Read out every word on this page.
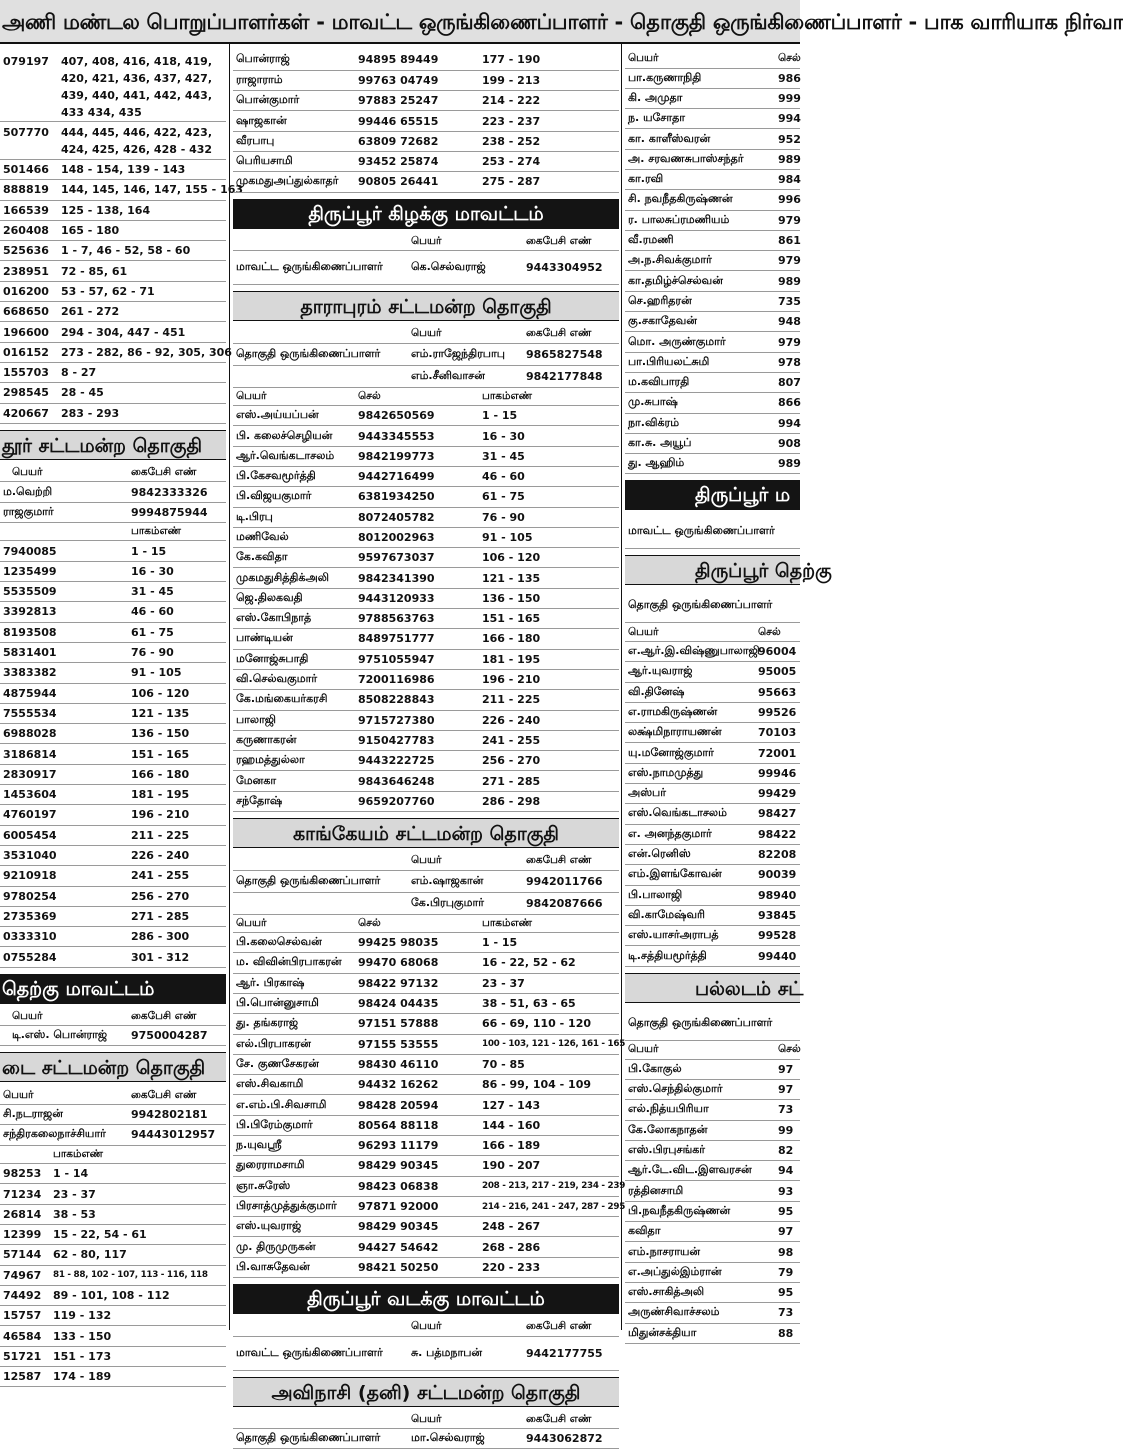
அணி மண்டல பொறுப்பாளர்கள் - மாவட்ட ஒருங்கிணைப்பாளர் - தொகுதி ஒருங்கிணைப்பாளர் - பாக வாரியாக நிர்வா
079197	407, 408, 416, 418, 419, 420, 421, 436, 437, 427, 439, 440, 441, 442, 443, 433 434, 435
507770	444, 445, 446, 422, 423, 424, 425, 426, 428 - 432
501466	148 - 154, 139 - 143
888819	144, 145, 146, 147, 155 - 163
166539	125 - 138, 164
260408	165 - 180
525636	1 - 7, 46 - 52, 58 - 60
238951	72 - 85, 61
016200	53 - 57, 62 - 71
668650	261 - 272
196600	294 - 304, 447 - 451
016152	273 - 282, 86 - 92, 305, 306
155703	8 - 27
298545	28 - 45
420667	283 - 293
தூர் சட்டமன்ற தொகுதி
பெயர்	கைபேசி எண்
ம.வெற்றி	9842333326
ராஜகுமார்	9994875944
	பாகம்எண்
7940085	1 - 15
1235499	16 - 30
5535509	31 - 45
3392813	46 - 60
8193508	61 - 75
5831401	76 - 90
3383382	91 - 105
4875944	106 - 120
7555534	121 - 135
6988028	136 - 150
3186814	151 - 165
2830917	166 - 180
1453604	181 - 195
4760197	196 - 210
6005454	211 - 225
3531040	226 - 240
9210918	241 - 255
9780254	256 - 270
2735369	271 - 285
0333310	286 - 300
0755284	301 - 312
தெற்கு மாவட்டம்
பெயர்	கைபேசி எண்
டி.எஸ். பொன்ராஜ்	9750004287
டை சட்டமன்ற தொகுதி
பெயர்	கைபேசி எண்
சி.நடராஜன்	9942802181
சந்திரகலைநாச்சியார்	94443012957
	பாகம்எண்
98253	1 - 14
71234	23 - 37
26814	38 - 53
12399	15 - 22, 54 - 61
57144	62 - 80, 117
74967	81 - 88, 102 - 107, 113 - 116, 118
74492	89 - 101, 108 - 112
15757	119 - 132
46584	133 - 150
51721	151 - 173
12587	174 - 189
பொன்ராஜ்	94895 89449	177 - 190
ராஜாராம்	99763 04749	199 - 213
பொன்குமார்	97883 25247	214 - 222
ஷாஜகான்	99446 65515	223 - 237
வீரபாபு	63809 72682	238 - 252
பெரியசாமி	93452 25874	253 - 274
முகமதுஅப்துல்காதர்	90805 26441	275 - 287
திருப்பூர் கிழக்கு மாவட்டம்
	பெயர்	கைபேசி எண்
மாவட்ட ஒருங்கிணைப்பாளர்	கெ.செல்வராஜ்	9443304952
தாராபுரம் சட்டமன்ற தொகுதி
	பெயர்	கைபேசி எண்
தொகுதி ஒருங்கிணைப்பாளர்	எம்.ராஜேந்திரபாபு	9865827548
	எம்.சீனிவாசன்	9842177848
பெயர்	செல்	பாகம்எண்
எஸ்.அய்யப்பன்	9842650569	1 - 15
பி. கலைச்செழியன்	9443345553	16 - 30
ஆர்.வெங்கடாசலம்	9842199773	31 - 45
பி.கேசவமூர்த்தி	9442716499	46 - 60
பி.விஜயகுமார்	6381934250	61 - 75
டி.பிரபு	8072405782	76 - 90
மணிவேல்	8012002963	91 - 105
கே.கவிதா	9597673037	106 - 120
முகமதுசித்திக்அலி	9842341390	121 - 135
ஜெ.திலகவதி	9443120933	136 - 150
எஸ்.கோபிநாத்	9788563763	151 - 165
பாண்டியன்	8489751777	166 - 180
மனோஜ்சுபாதி	9751055947	181 - 195
வி.செல்வகுமார்	7200116986	196 - 210
கே.மங்கையர்கரசி	8508228843	211 - 225
பாலாஜி	9715727380	226 - 240
கருணாகரன்	9150427783	241 - 255
ரஹமத்துல்லா	9443222725	256 - 270
மேனகா	9843646248	271 - 285
சந்தோஷ்	9659207760	286 - 298
காங்கேயம் சட்டமன்ற தொகுதி
	பெயர்	கைபேசி எண்
தொகுதி ஒருங்கிணைப்பாளர்	எம்.ஷாஜகான்	9942011766
	கே.பிரபுகுமார்	9842087666
பெயர்	செல்	பாகம்எண்
பி.கலைசெல்வன்	99425 98035	1 - 15
ம. விவின்பிரபாகரன்	99470 68068	16 - 22, 52 - 62
ஆர். பிரகாஷ்	98422 97132	23 - 37
பி.பொன்னுசாமி	98424 04435	38 - 51, 63 - 65
து. தங்கராஜ்	97151 57888	66 - 69, 110 - 120
எல்.பிரபாகரன்	97155 53555	100 - 103, 121 - 126, 161 - 165
சே. குணசேகரன்	98430 46110	70 - 85
எஸ்.சிவகாமி	94432 16262	86 - 99, 104 - 109
எ.எம்.பி.சிவசாமி	98428 20594	127 - 143
பி.பிரேம்குமார்	80564 88118	144 - 160
ந.யுவஸ்ரீ	96293 11179	166 - 189
துரைராமசாமி	98429 90345	190 - 207
ஞா.சுரேஸ்	98423 06838	208 - 213, 217 - 219, 234 - 239
பிரசாத்முத்துக்குமார்	97871 92000	214 - 216, 241 - 247, 287 - 295
எஸ்.யுவராஜ்	98429 90345	248 - 267
மு. திருமுருகன்	94427 54642	268 - 286
பி.வாசுதேவன்	98421 50250	220 - 233
திருப்பூர் வடக்கு மாவட்டம்
	பெயர்	கைபேசி எண்
மாவட்ட ஒருங்கிணைப்பாளர்	சு. பத்மநாபன்	9442177755
அவிநாசி (தனி) சட்டமன்ற தொகுதி
	பெயர்	கைபேசி எண்
தொகுதி ஒருங்கிணைப்பாளர்	மா.செல்வராஜ்	9443062872
பெயர்	செல்
பா.கருணாநிதி	986
கி. அமுதா	999
ந. யசோதா	994
கா. காளீஸ்வரன்	952
அ. சரவணசுபாஸ்சந்தர்	989
கா.ரவி	984
சி. நவநீதகிருஷ்ணன்	996
ர. பாலசுப்ரமணியம்	979
வீ.ரமணி	861
அ.ந.சிவக்குமார்	979
கா.தமிழ்ச்செல்வன்	989
செ.ஹரிதரன்	735
கு.சகாதேவன்	948
மொ. அருண்குமார்	979
பா.பிரியலட்சுமி	978
ம.கவிபாரதி	807
மு.சுபாஷ்	866
நா.விக்ரம்	994
கா.சு. அயூப்	908
து. ஆஹிம்	989
திருப்பூர் ம
மாவட்ட ஒருங்கிணைப்பாளர்
திருப்பூர் தெற்கு
தொகுதி ஒருங்கிணைப்பாளர்
பெயர்	செல்
எ.ஆர்.இ.விஷ்ணுபாலாஜி	96004
ஆர்.யுவராஜ்	95005
வி.தினேஷ்	95663
எ.ராமகிருஷ்ணன்	99526
லக்ஷ்மிநாராயணன்	70103
யு.மனோஜ்குமார்	72001
எஸ்.நாமமுத்து	99946
அஸ்பர்	99429
எஸ்.வெங்கடாசலம்	98427
எ. அனந்தகுமார்	98422
என்.ரெனிஸ்	82208
எம்.இளங்கோவன்	90039
பி.பாலாஜி	98940
வி.காமேஷ்வரி	93845
எஸ்.யாசர்அராபத்	99528
டி.சத்தியமூர்த்தி	99440
பல்லடம் சட்
தொகுதி ஒருங்கிணைப்பாளர்
பெயர்	செல்
பி.கோகுல்	97
எஸ்.செந்தில்குமார்	97
எல்.நித்யபிரியா	73
கே.லோகநாதன்	99
எஸ்.பிரபுசங்கர்	82
ஆர்.டே.விட.இளவரசன்	94
ரத்தினசாமி	93
பி.நவநீதகிருஷ்ணன்	95
கவிதா	97
எம்.நாசராயன்	98
எ.அப்துல்இம்ரான்	79
எஸ்.சாகித்அலி	95
அருண்சிவாச்சலம்	73
மிதுன்சக்தியா	88
